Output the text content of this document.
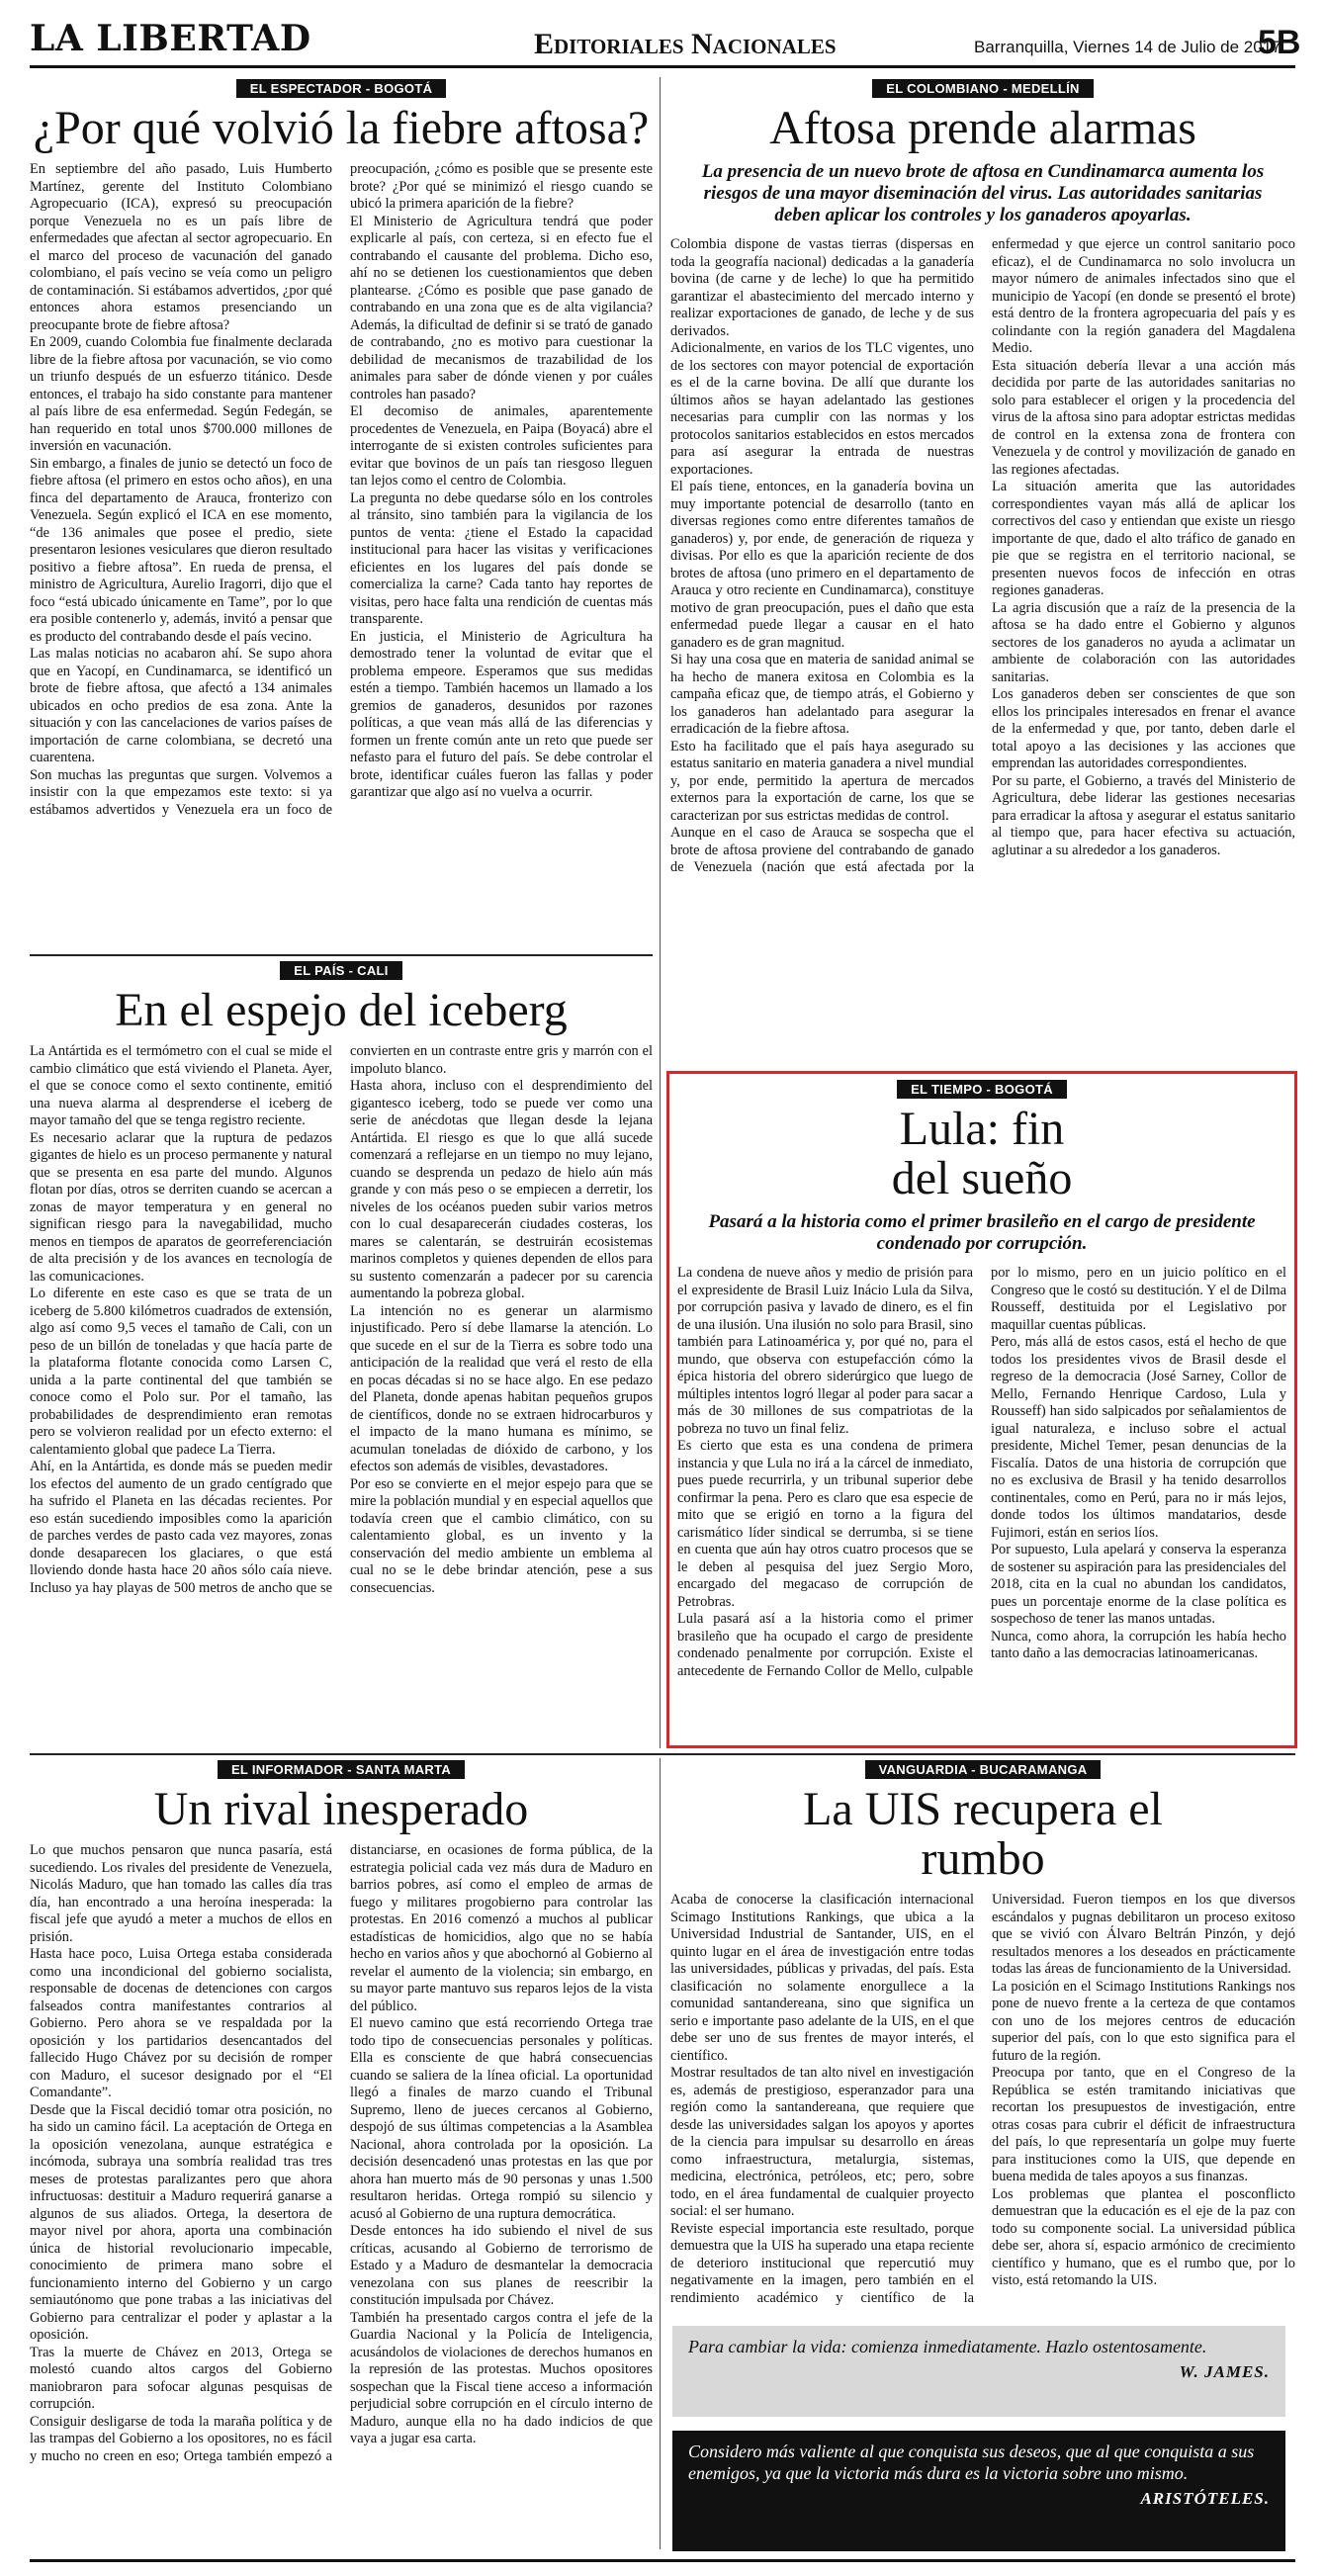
LA LIBERTAD	Editoriales Nacionales	Barranquilla, Viernes 14 de Julio de 2017
5B
EL ESPECTADOR - BOGOTÁ
¿Por qué volvió la fiebre aftosa?

En septiembre del año pasado, Luis Humberto Martínez, gerente del Instituto Colombiano Agropecuario (ICA), expresó su preocupación porque Venezuela no es un país libre de enfermedades que afectan al sector agropecuario. En el marco del proceso de vacunación del ganado colombiano, el país vecino se veía como un peligro de contaminación. Si estábamos advertidos, ¿por qué entonces ahora estamos presenciando un preocupante brote de fiebre aftosa?

En 2009, cuando Colombia fue finalmente declarada libre de la fiebre aftosa por vacunación, se vio como un triunfo después de un esfuerzo titánico. Desde entonces, el trabajo ha sido constante para mantener al país libre de esa enfermedad. Según Fedegán, se han requerido en total unos $700.000 millones de inversión en vacunación.

Sin embargo, a finales de junio se detectó un foco de fiebre aftosa (el primero en estos ocho años), en una finca del departamento de Arauca, fronterizo con Venezuela. Según explicó el ICA en ese momento, “de 136 animales que posee el predio, siete presentaron lesiones vesiculares que dieron resultado positivo a fiebre aftosa”. En rueda de prensa, el ministro de Agricultura, Aurelio Iragorri, dijo que el foco “está ubicado únicamente en Tame”, por lo que era posible contenerlo y, además, invitó a pensar que es producto del contrabando desde el país vecino.

Las malas noticias no acabaron ahí. Se supo ahora que en Yacopí, en Cundinamarca, se identificó un brote de fiebre aftosa, que afectó a 134 animales ubicados en ocho predios de esa zona. Ante la situación y con las cancelaciones de varios países de importación de carne colombiana, se decretó una cuarentena.

Son muchas las preguntas que surgen. Volvemos a insistir con la que empezamos este texto: si ya estábamos advertidos y Venezuela era un foco de preocupación, ¿cómo es posible que se presente este brote? ¿Por qué se minimizó el riesgo cuando se ubicó la primera aparición de la fiebre?

El Ministerio de Agricultura tendrá que poder explicarle al país, con certeza, si en efecto fue el contrabando el causante del problema. Dicho eso, ahí no se detienen los cuestionamientos que deben plantearse. ¿Cómo es posible que pase ganado de contrabando en una zona que es de alta vigilancia? Además, la dificultad de definir si se trató de ganado de contrabando, ¿no es motivo para cuestionar la debilidad de mecanismos de trazabilidad de los animales para saber de dónde vienen y por cuáles controles han pasado?

El decomiso de animales, aparentemente procedentes de Venezuela, en Paipa (Boyacá) abre el interrogante de si existen controles suficientes para evitar que bovinos de un país tan riesgoso lleguen tan lejos como el centro de Colombia.

La pregunta no debe quedarse sólo en los controles al tránsito, sino también para la vigilancia de los puntos de venta: ¿tiene el Estado la capacidad institucional para hacer las visitas y verificaciones eficientes en los lugares del país donde se comercializa la carne? Cada tanto hay reportes de visitas, pero hace falta una rendición de cuentas más transparente.

En justicia, el Ministerio de Agricultura ha demostrado tener la voluntad de evitar que el problema empeore. Esperamos que sus medidas estén a tiempo. También hacemos un llamado a los gremios de ganaderos, desunidos por razones políticas, a que vean más allá de las diferencias y formen un frente común ante un reto que puede ser nefasto para el futuro del país. Se debe controlar el brote, identificar cuáles fueron las fallas y poder garantizar que algo así no vuelva a ocurrir.

EL COLOMBIANO - MEDELLÍN
Aftosa prende alarmas
La presencia de un nuevo brote de aftosa en Cundinamarca aumenta los riesgos de una mayor diseminación del virus. Las autoridades sanitarias deben aplicar los controles y los ganaderos apoyarlas.

Colombia dispone de vastas tierras (dispersas en toda la geografía nacional) dedicadas a la ganadería bovina (de carne y de leche) lo que ha permitido garantizar el abastecimiento del mercado interno y realizar exportaciones de ganado, de leche y de sus derivados.

Adicionalmente, en varios de los TLC vigentes, uno de los sectores con mayor potencial de exportación es el de la carne bovina. De allí que durante los últimos años se hayan adelantado las gestiones necesarias para cumplir con las normas y los protocolos sanitarios establecidos en estos mercados para así asegurar la entrada de nuestras exportaciones.

El país tiene, entonces, en la ganadería bovina un muy importante potencial de desarrollo (tanto en diversas regiones como entre diferentes tamaños de ganaderos) y, por ende, de generación de riqueza y divisas. Por ello es que la aparición reciente de dos brotes de aftosa (uno primero en el departamento de Arauca y otro reciente en Cundinamarca), constituye motivo de gran preocupación, pues el daño que esta enfermedad puede llegar a causar en el hato ganadero es de gran magnitud.

Si hay una cosa que en materia de sanidad animal se ha hecho de manera exitosa en Colombia es la campaña eficaz que, de tiempo atrás, el Gobierno y los ganaderos han adelantado para asegurar la erradicación de la fiebre aftosa.

Esto ha facilitado que el país haya asegurado su estatus sanitario en materia ganadera a nivel mundial y, por ende, permitido la apertura de mercados externos para la exportación de carne, los que se caracterizan por sus estrictas medidas de control.

Aunque en el caso de Arauca se sospecha que el brote de aftosa proviene del contrabando de ganado de Venezuela (nación que está afectada por la enfermedad y que ejerce un control sanitario poco eficaz), el de Cundinamarca no solo involucra un mayor número de animales infectados sino que el municipio de Yacopí (en donde se presentó el brote) está dentro de la frontera agropecuaria del país y es colindante con la región ganadera del Magdalena Medio.

Esta situación debería llevar a una acción más decidida por parte de las autoridades sanitarias no solo para establecer el origen y la procedencia del virus de la aftosa sino para adoptar estrictas medidas de control en la extensa zona de frontera con Venezuela y de control y movilización de ganado en las regiones afectadas.

La situación amerita que las autoridades correspondientes vayan más allá de aplicar los correctivos del caso y entiendan que existe un riesgo importante de que, dado el alto tráfico de ganado en pie que se registra en el territorio nacional, se presenten nuevos focos de infección en otras regiones ganaderas.

La agria discusión que a raíz de la presencia de la aftosa se ha dado entre el Gobierno y algunos sectores de los ganaderos no ayuda a aclimatar un ambiente de colaboración con las autoridades sanitarias.

Los ganaderos deben ser conscientes de que son ellos los principales interesados en frenar el avance de la enfermedad y que, por tanto, deben darle el total apoyo a las decisiones y las acciones que emprendan las autoridades correspondientes.

Por su parte, el Gobierno, a través del Ministerio de Agricultura, debe liderar las gestiones necesarias para erradicar la aftosa y asegurar el estatus sanitario al tiempo que, para hacer efectiva su actuación, aglutinar a su alrededor a los ganaderos.

EL PAÍS - CALI
En el espejo del iceberg

La Antártida es el termómetro con el cual se mide el cambio climático que está viviendo el Planeta. Ayer, el que se conoce como el sexto continente, emitió una nueva alarma al desprenderse el iceberg de mayor tamaño del que se tenga registro reciente.

Es necesario aclarar que la ruptura de pedazos gigantes de hielo es un proceso permanente y natural que se presenta en esa parte del mundo. Algunos flotan por días, otros se derriten cuando se acercan a zonas de mayor temperatura y en general no significan riesgo para la navegabilidad, mucho menos en tiempos de aparatos de georreferenciación de alta precisión y de los avances en tecnología de las comunicaciones.

Lo diferente en este caso es que se trata de un iceberg de 5.800 kilómetros cuadrados de extensión, algo así como 9,5 veces el tamaño de Cali, con un peso de un billón de toneladas y que hacía parte de la plataforma flotante conocida como Larsen C, unida a la parte continental del que también se conoce como el Polo sur. Por el tamaño, las probabilidades de desprendimiento eran remotas pero se volvieron realidad por un efecto externo: el calentamiento global que padece La Tierra.

Ahí, en la Antártida, es donde más se pueden medir los efectos del aumento de un grado centígrado que ha sufrido el Planeta en las décadas recientes. Por eso están sucediendo imposibles como la aparición de parches verdes de pasto cada vez mayores, zonas donde desaparecen los glaciares, o que está lloviendo donde hasta hace 20 años sólo caía nieve. Incluso ya hay playas de 500 metros de ancho que se convierten en un contraste entre gris y marrón con el impoluto blanco.

Hasta ahora, incluso con el desprendimiento del gigantesco iceberg, todo se puede ver como una serie de anécdotas que llegan desde la lejana Antártida. El riesgo es que lo que allá sucede comenzará a reflejarse en un tiempo no muy lejano, cuando se desprenda un pedazo de hielo aún más grande y con más peso o se empiecen a derretir, los niveles de los océanos pueden subir varios metros con lo cual desaparecerán ciudades costeras, los mares se calentarán, se destruirán ecosistemas marinos completos y quienes dependen de ellos para su sustento comenzarán a padecer por su carencia aumentando la pobreza global.

La intención no es generar un alarmismo injustificado. Pero sí debe llamarse la atención. Lo que sucede en el sur de la Tierra es sobre todo una anticipación de la realidad que verá el resto de ella en pocas décadas si no se hace algo. En ese pedazo del Planeta, donde apenas habitan pequeños grupos de científicos, donde no se extraen hidrocarburos y el impacto de la mano humana es mínimo, se acumulan toneladas de dióxido de carbono, y los efectos son además de visibles, devastadores.

Por eso se convierte en el mejor espejo para que se mire la población mundial y en especial aquellos que todavía creen que el cambio climático, con su calentamiento global, es un invento y la conservación del medio ambiente un emblema al cual no se le debe brindar atención, pese a sus consecuencias.

EL TIEMPO - BOGOTÁ
Lula: fin del sueño
Pasará a la historia como el primer brasileño en el cargo de presidente condenado por corrupción.

La condena de nueve años y medio de prisión para el expresidente de Brasil Luiz Inácio Lula da Silva, por corrupción pasiva y lavado de dinero, es el fin de una ilusión. Una ilusión no solo para Brasil, sino también para Latinoamérica y, por qué no, para el mundo, que observa con estupefacción cómo la épica historia del obrero siderúrgico que luego de múltiples intentos logró llegar al poder para sacar a más de 30 millones de sus compatriotas de la pobreza no tuvo un final feliz.

Es cierto que esta es una condena de primera instancia y que Lula no irá a la cárcel de inmediato, pues puede recurrirla, y un tribunal superior debe confirmar la pena. Pero es claro que esa especie de mito que se erigió en torno a la figura del carismático líder sindical se derrumba, si se tiene en cuenta que aún hay otros cuatro procesos que se le deben al pesquisa del juez Sergio Moro, encargado del megacaso de corrupción de Petrobras.

Lula pasará así a la historia como el primer brasileño que ha ocupado el cargo de presidente condenado penalmente por corrupción. Existe el antecedente de Fernando Collor de Mello, culpable por lo mismo, pero en un juicio político en el Congreso que le costó su destitución. Y el de Dilma Rousseff, destituida por el Legislativo por maquillar cuentas públicas.

Pero, más allá de estos casos, está el hecho de que todos los presidentes vivos de Brasil desde el regreso de la democracia (José Sarney, Collor de Mello, Fernando Henrique Cardoso, Lula y Rousseff) han sido salpicados por señalamientos de igual naturaleza, e incluso sobre el actual presidente, Michel Temer, pesan denuncias de la Fiscalía. Datos de una historia de corrupción que no es exclusiva de Brasil y ha tenido desarrollos continentales, como en Perú, para no ir más lejos, donde todos los últimos mandatarios, desde Fujimori, están en serios líos.

Por supuesto, Lula apelará y conserva la esperanza de sostener su aspiración para las presidenciales del 2018, cita en la cual no abundan los candidatos, pues un porcentaje enorme de la clase política es sospechoso de tener las manos untadas.

Nunca, como ahora, la corrupción les había hecho tanto daño a las democracias latinoamericanas.

EL INFORMADOR - SANTA MARTA
Un rival inesperado

Lo que muchos pensaron que nunca pasaría, está sucediendo. Los rivales del presidente de Venezuela, Nicolás Maduro, que han tomado las calles día tras día, han encontrado a una heroína inesperada: la fiscal jefe que ayudó a meter a muchos de ellos en prisión.

Hasta hace poco, Luisa Ortega estaba considerada como una incondicional del gobierno socialista, responsable de docenas de detenciones con cargos falseados contra manifestantes contrarios al Gobierno. Pero ahora se ve respaldada por la oposición y los partidarios desencantados del fallecido Hugo Chávez por su decisión de romper con Maduro, el sucesor designado por el “El Comandante”.

Desde que la Fiscal decidió tomar otra posición, no ha sido un camino fácil. La aceptación de Ortega en la oposición venezolana, aunque estratégica e incómoda, subraya una sombría realidad tras tres meses de protestas paralizantes pero que ahora infructuosas: destituir a Maduro requerirá ganarse a algunos de sus aliados. Ortega, la desertora de mayor nivel por ahora, aporta una combinación única de historial revolucionario impecable, conocimiento de primera mano sobre el funcionamiento interno del Gobierno y un cargo semiautónomo que pone trabas a las iniciativas del Gobierno para centralizar el poder y aplastar a la oposición.

Tras la muerte de Chávez en 2013, Ortega se molestó cuando altos cargos del Gobierno maniobraron para sofocar algunas pesquisas de corrupción.

Consiguir desligarse de toda la maraña política y de las trampas del Gobierno a los opositores, no es fácil y mucho no creen en eso; Ortega también empezó a distanciarse, en ocasiones de forma pública, de la estrategia policial cada vez más dura de Maduro en barrios pobres, así como el empleo de armas de fuego y militares progobierno para controlar las protestas. En 2016 comenzó a muchos al publicar estadísticas de homicidios, algo que no se había hecho en varios años y que abochornó al Gobierno al revelar el aumento de la violencia; sin embargo, en su mayor parte mantuvo sus reparos lejos de la vista del público.

El nuevo camino que está recorriendo Ortega trae todo tipo de consecuencias personales y políticas. Ella es consciente de que habrá consecuencias cuando se saliera de la línea oficial. La oportunidad llegó a finales de marzo cuando el Tribunal Supremo, lleno de jueces cercanos al Gobierno, despojó de sus últimas competencias a la Asamblea Nacional, ahora controlada por la oposición. La decisión desencadenó unas protestas en las que por ahora han muerto más de 90 personas y unas 1.500 resultaron heridas. Ortega rompió su silencio y acusó al Gobierno de una ruptura democrática.

Desde entonces ha ido subiendo el nivel de sus críticas, acusando al Gobierno de terrorismo de Estado y a Maduro de desmantelar la democracia venezolana con sus planes de reescribir la constitución impulsada por Chávez.

También ha presentado cargos contra el jefe de la Guardia Nacional y la Policía de Inteligencia, acusándolos de violaciones de derechos humanos en la represión de las protestas. Muchos opositores sospechan que la Fiscal tiene acceso a información perjudicial sobre corrupción en el círculo interno de Maduro, aunque ella no ha dado indicios de que vaya a jugar esa carta.

VANGUARDIA - BUCARAMANGA
La UIS recupera el rumbo

Acaba de conocerse la clasificación internacional Scimago Institutions Rankings, que ubica a la Universidad Industrial de Santander, UIS, en el quinto lugar en el área de investigación entre todas las universidades, públicas y privadas, del país. Esta clasificación no solamente enorgullece a la comunidad santandereana, sino que significa un serio e importante paso adelante de la UIS, en el que debe ser uno de sus frentes de mayor interés, el científico.

Mostrar resultados de tan alto nivel en investigación es, además de prestigioso, esperanzador para una región como la santandereana, que requiere que desde las universidades salgan los apoyos y aportes de la ciencia para impulsar su desarrollo en áreas como infraestructura, metalurgia, sistemas, medicina, electrónica, petróleos, etc; pero, sobre todo, en el área fundamental de cualquier proyecto social: el ser humano.

Reviste especial importancia este resultado, porque demuestra que la UIS ha superado una etapa reciente de deterioro institucional que repercutió muy negativamente en la imagen, pero también en el rendimiento académico y científico de la Universidad. Fueron tiempos en los que diversos escándalos y pugnas debilitaron un proceso exitoso que se vivió con Álvaro Beltrán Pinzón, y dejó resultados menores a los deseados en prácticamente todas las áreas de funcionamiento de la Universidad.

La posición en el Scimago Institutions Rankings nos pone de nuevo frente a la certeza de que contamos con uno de los mejores centros de educación superior del país, con lo que esto significa para el futuro de la región.

Preocupa por tanto, que en el Congreso de la República se estén tramitando iniciativas que recortan los presupuestos de investigación, entre otras cosas para cubrir el déficit de infraestructura del país, lo que representaría un golpe muy fuerte para instituciones como la UIS, que depende en buena medida de tales apoyos a sus finanzas.

Los problemas que plantea el posconflicto demuestran que la educación es el eje de la paz con todo su componente social. La universidad pública debe ser, ahora sí, espacio armónico de crecimiento científico y humano, que es el rumbo que, por lo visto, está retomando la UIS.

Para cambiar la vida: comienza inmediatamente. Hazlo ostentosamente.
W. JAMES.
Considero más valiente al que conquista sus deseos, que al que conquista a sus enemigos, ya que la victoria más dura es la victoria sobre uno mismo.
ARISTÓTELES.
